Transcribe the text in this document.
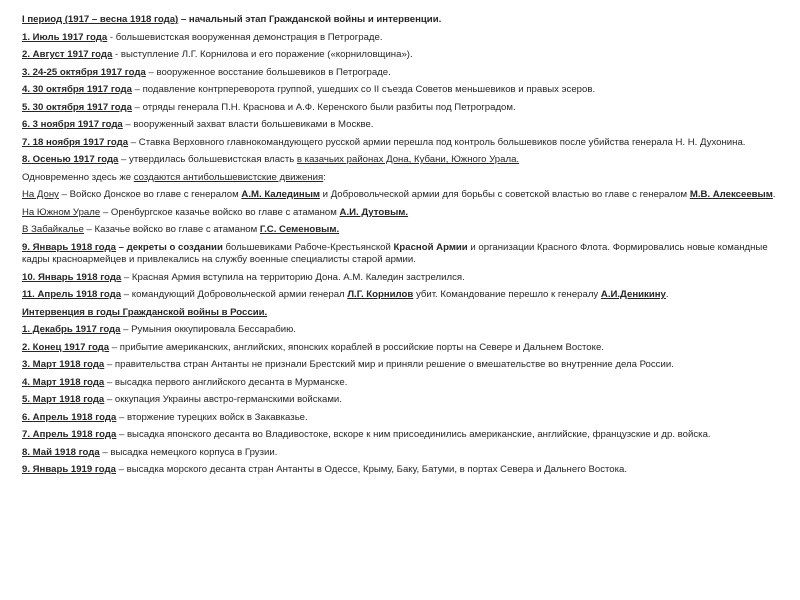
I период (1917 – весна 1918 года) – начальный этап Гражданской войны и интервенции.
1. Июль 1917 года - большевистская вооруженная демонстрация в Петрограде.
2. Август 1917 года - выступление Л.Г. Корнилова и его поражение («корниловщина»).
3. 24-25 октября 1917 года – вооруженное восстание большевиков в Петрограде.
4. 30 октября 1917 года – подавление контрпереворота группой, ушедших со II съезда Советов меньшевиков и правых эсеров.
5. 30 октября 1917 года – отряды генерала П.Н. Краснова и А.Ф. Керенского были разбиты под Петроградом.
6. 3 ноября 1917 года – вооруженный захват власти большевиками в Москве.
7. 18 ноября 1917 года – Ставка Верховного главнокомандующего русской армии перешла под контроль большевиков после убийства генерала Н. Н. Духонина.
8. Осенью 1917 года – утвердилась большевистская власть в казачьих районах Дона, Кубани, Южного Урала.
Одновременно здесь же создаются антибольшевистские движения:
На Дону – Войско Донское во главе с генералом А.М. Калединым и Добровольческой армии для борьбы с советской властью во главе с генералом М.В. Алексеевым.
На Южном Урале – Оренбургское казачье войско во главе с атаманом А.И. Дутовым.
В Забайкалье – Казачье войско во главе с атаманом Г.С. Семеновым.
9. Январь 1918 года – декреты о создании большевиками Рабоче-Крестьянской Красной Армии и организации Красного Флота. Формировались новые командные кадры красноармейцев и привлекались на службу военные специалисты старой армии.
10. Январь 1918 года – Красная Армия вступила на территорию Дона. А.М. Каледин застрелился.
11. Апрель 1918 года – командующий Добровольческой армии генерал Л.Г. Корнилов убит. Командование перешло к генералу А.И.Деникину.
Интервенция в годы Гражданской войны в России.
1. Декабрь 1917 года – Румыния оккупировала Бессарабию.
2. Конец 1917 года – прибытие американских, английских, японских кораблей в российские порты на Севере и Дальнем Востоке.
3. Март 1918 года – правительства стран Антанты не признали Брестский мир и приняли решение о вмешательстве во внутренние дела России.
4. Март 1918 года – высадка первого английского десанта в Мурманске.
5. Март 1918 года – оккупация Украины австро-германскими войсками.
6. Апрель 1918 года – вторжение турецких войск в Закавказье.
7. Апрель 1918 года – высадка японского десанта во Владивостоке, вскоре к ним присоединились американские, английские, французские и др. войска.
8. Май 1918 года – высадка немецкого корпуса в Грузии.
9. Январь 1919 года – высадка морского десанта стран Антанты в Одессе, Крыму, Баку, Батуми, в портах Севера и Дальнего Востока.
